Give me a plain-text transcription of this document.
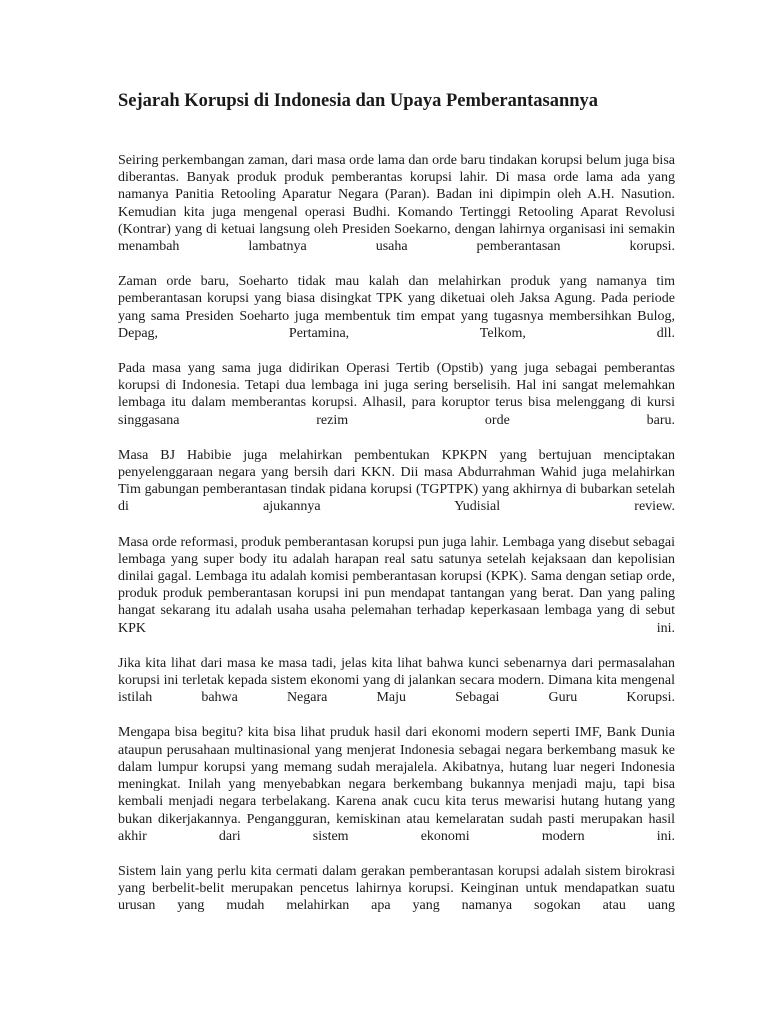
Sejarah Korupsi di Indonesia dan Upaya Pemberantasannya

Seiring perkembangan zaman, dari masa orde lama dan orde baru tindakan korupsi belum juga bisa diberantas. Banyak produk produk pemberantas korupsi lahir. Di masa orde lama ada yang namanya Panitia Retooling Aparatur Negara (Paran). Badan ini dipimpin oleh A.H. Nasution. Kemudian kita juga mengenal operasi Budhi. Komando Tertinggi Retooling Aparat Revolusi (Kontrar) yang di ketuai langsung oleh Presiden Soekarno, dengan lahirnya organisasi ini semakin menambah lambatnya usaha pemberantasan korupsi.

Zaman orde baru, Soeharto tidak mau kalah dan melahirkan produk yang namanya tim pemberantasan korupsi yang biasa disingkat TPK yang diketuai oleh Jaksa Agung. Pada periode yang sama Presiden Soeharto juga membentuk tim empat yang tugasnya membersihkan Bulog, Depag, Pertamina, Telkom, dll.

Pada masa yang sama juga didirikan Operasi Tertib (Opstib) yang juga sebagai pemberantas korupsi di Indonesia. Tetapi dua lembaga ini juga sering berselisih. Hal ini sangat melemahkan lembaga itu dalam memberantas korupsi. Alhasil, para koruptor terus bisa melenggang di kursi singgasana rezim orde baru.

Masa BJ Habibie juga melahirkan pembentukan KPKPN yang bertujuan menciptakan penyelenggaraan negara yang bersih dari KKN. Dii masa Abdurrahman Wahid juga melahirkan Tim gabungan pemberantasan tindak pidana korupsi (TGPTPK) yang akhirnya di bubarkan setelah di ajukannya Yudisial review.

Masa orde reformasi, produk pemberantasan korupsi pun juga lahir. Lembaga yang disebut sebagai lembaga yang super body itu adalah harapan real satu satunya setelah kejaksaan dan kepolisian dinilai gagal. Lembaga itu adalah komisi pemberantasan korupsi (KPK). Sama dengan setiap orde, produk produk pemberantasan korupsi ini pun mendapat tantangan yang berat. Dan yang paling hangat sekarang itu adalah usaha usaha pelemahan terhadap keperkasaan lembaga yang di sebut KPK ini.

Jika kita lihat dari masa ke masa tadi, jelas kita lihat bahwa kunci sebenarnya dari permasalahan korupsi ini terletak kepada sistem ekonomi yang di jalankan secara modern. Dimana kita mengenal istilah bahwa Negara Maju Sebagai Guru Korupsi.

Mengapa bisa begitu? kita bisa lihat pruduk hasil dari ekonomi modern seperti IMF, Bank Dunia ataupun perusahaan multinasional yang menjerat Indonesia sebagai negara berkembang masuk ke dalam lumpur korupsi yang memang sudah merajalela. Akibatnya, hutang luar negeri Indonesia meningkat. Inilah yang menyebabkan negara berkembang bukannya menjadi maju, tapi bisa kembali menjadi negara terbelakang. Karena anak cucu kita terus mewarisi hutang hutang yang bukan dikerjakannya. Pengangguran, kemiskinan atau kemelaratan sudah pasti merupakan hasil akhir dari sistem ekonomi modern ini.

Sistem lain yang perlu kita cermati dalam gerakan pemberantasan korupsi adalah sistem birokrasi yang berbelit-belit merupakan pencetus lahirnya korupsi. Keinginan untuk mendapatkan suatu urusan yang mudah melahirkan apa yang namanya sogokan atau uang
